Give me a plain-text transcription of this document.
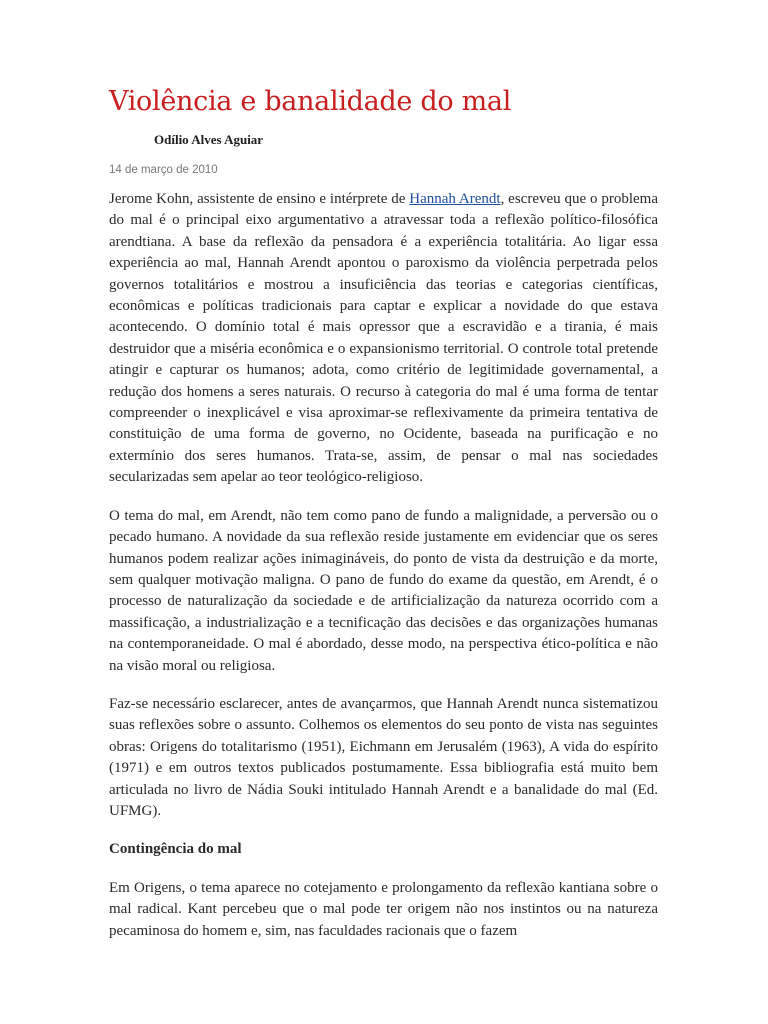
Violência e banalidade do mal
Odílio Alves Aguiar
14 de março de 2010

Jerome Kohn, assistente de ensino e intérprete de Hannah Arendt, escreveu que o problema do mal é o principal eixo argumentativo a atravessar toda a reflexão político-filosófica arendtiana. A base da reflexão da pensadora é a experiência totalitária. Ao ligar essa experiência ao mal, Hannah Arendt apontou o paroxismo da violência perpetrada pelos governos totalitários e mostrou a insuficiência das teorias e categorias científicas, econômicas e políticas tradicionais para captar e explicar a novidade do que estava acontecendo. O domínio total é mais opressor que a escravidão e a tirania, é mais destruidor que a miséria econômica e o expansionismo territorial. O controle total pretende atingir e capturar os humanos; adota, como critério de legitimidade governamental, a redução dos homens a seres naturais. O recurso à categoria do mal é uma forma de tentar compreender o inexplicável e visa aproximar-se reflexivamente da primeira tentativa de constituição de uma forma de governo, no Ocidente, baseada na purificação e no extermínio dos seres humanos. Trata-se, assim, de pensar o mal nas sociedades secularizadas sem apelar ao teor teológico-religioso.

O tema do mal, em Arendt, não tem como pano de fundo a malignidade, a perversão ou o pecado humano. A novidade da sua reflexão reside justamente em evidenciar que os seres humanos podem realizar ações inimagináveis, do ponto de vista da destruição e da morte, sem qualquer motivação maligna. O pano de fundo do exame da questão, em Arendt, é o processo de naturalização da sociedade e de artificialização da natureza ocorrido com a massificação, a industrialização e a tecnificação das decisões e das organizações humanas na contemporaneidade. O mal é abordado, desse modo, na perspectiva ético-política e não na visão moral ou religiosa.

Faz-se necessário esclarecer, antes de avançarmos, que Hannah Arendt nunca sistematizou suas reflexões sobre o assunto. Colhemos os elementos do seu ponto de vista nas seguintes obras: Origens do totalitarismo (1951), Eichmann em Jerusalém (1963), A vida do espírito (1971) e em outros textos publicados postumamente. Essa bibliografia está muito bem articulada no livro de Nádia Souki intitulado Hannah Arendt e a banalidade do mal (Ed. UFMG).

Contingência do mal

Em Origens, o tema aparece no cotejamento e prolongamento da reflexão kantiana sobre o mal radical. Kant percebeu que o mal pode ter origem não nos instintos ou na natureza pecaminosa do homem e, sim, nas faculdades racionais que o fazem
